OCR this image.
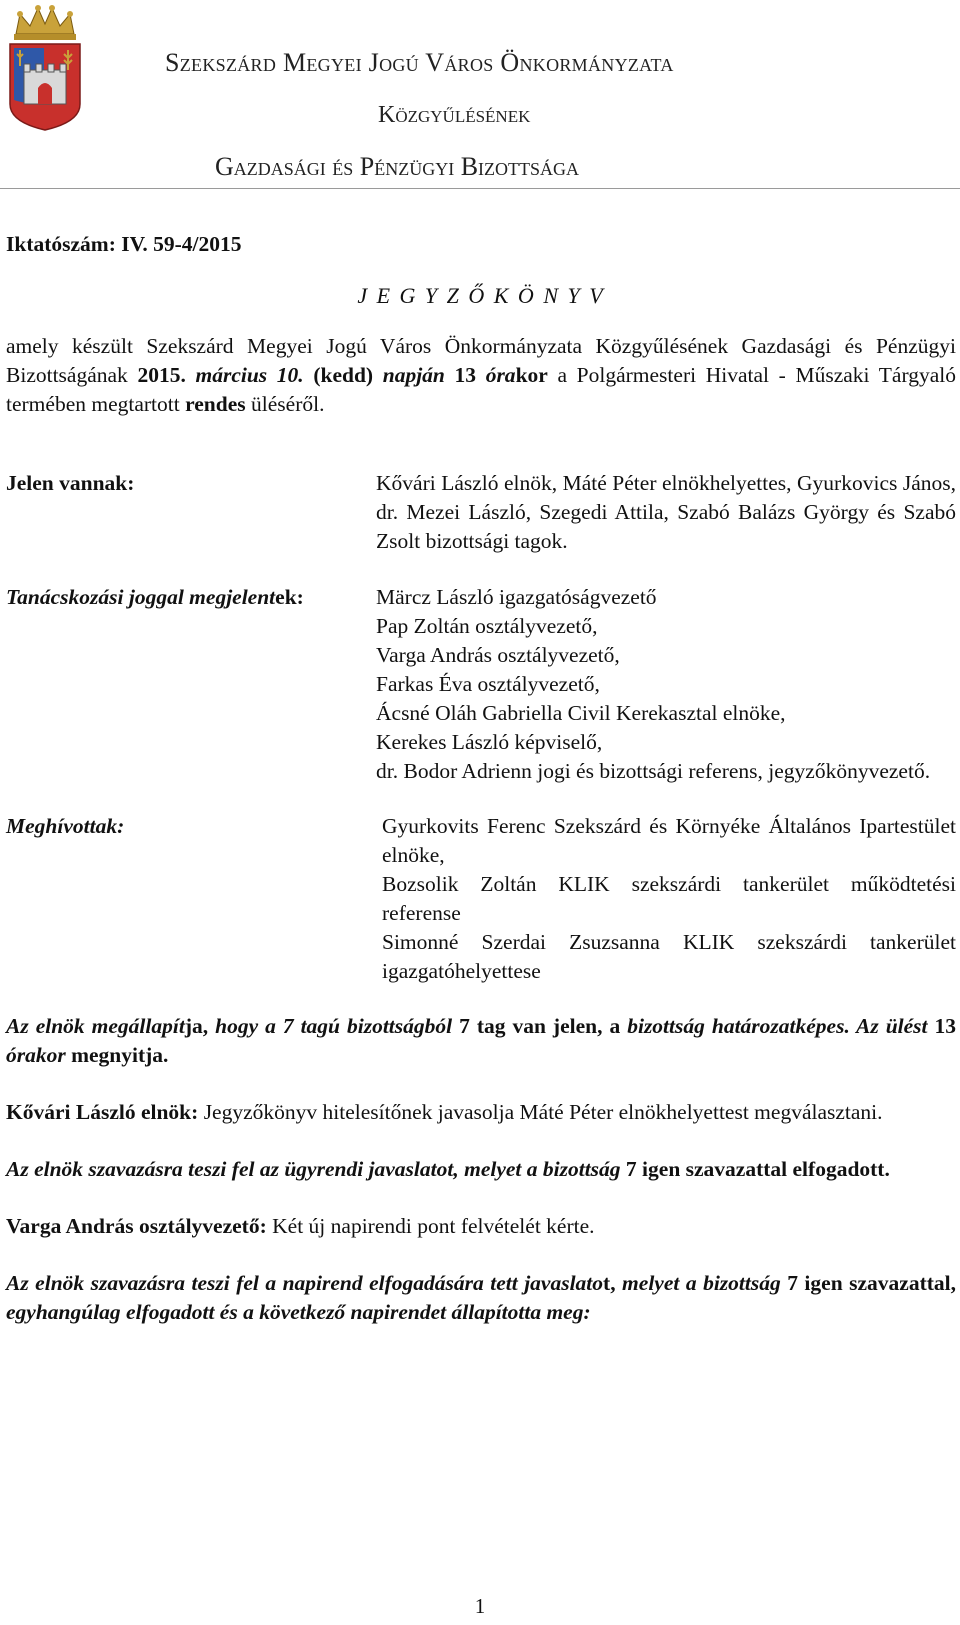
Szekszárd Megyei Jogú Város Önkormányzata
Közgyűlésének
Gazdasági és Pénzügyi Bizottsága

Iktatószám: IV. 59-4/2015

J E G Y Z Ő K Ö N Y V

amely készült Szekszárd Megyei Jogú Város Önkormányzata Közgyűlésének Gazdasági és Pénzügyi Bizottságának 2015. március 10. (kedd) napján 13 órakor a Polgármesteri Hivatal - Műszaki Tárgyaló termében megtartott rendes üléséről.

Jelen vannak:	Kővári László elnök, Máté Péter elnökhelyettes, Gyurkovics János, dr. Mezei László, Szegedi Attila, Szabó Balázs György és Szabó Zsolt bizottsági tagok.
Tanácskozási joggal megjelentek:	Märcz László igazgatóságvezető
Pap Zoltán osztályvezető,
Varga András osztályvezető,
Farkas Éva osztályvezető,
Ácsné Oláh Gabriella Civil Kerekasztal elnöke,
Kerekes László képviselő,
dr. Bodor Adrienn jogi és bizottsági referens, jegyzőkönyvezető.
Meghívottak:	Gyurkovits Ferenc Szekszárd és Környéke Általános Ipartestület elnöke,
Bozsolik Zoltán KLIK szekszárdi tankerület működtetési referense
Simonné Szerdai Zsuzsanna KLIK szekszárdi tankerület igazgatóhelyettese

Az elnök megállapítja, hogy a 7 tagú bizottságból 7 tag van jelen, a bizottság határozatképes. Az ülést 13 órakor megnyitja.

Kővári László elnök: Jegyzőkönyv hitelesítőnek javasolja Máté Péter elnökhelyettest megválasztani.

Az elnök szavazásra teszi fel az ügyrendi javaslatot, melyet a bizottság 7 igen szavazattal elfogadott.

Varga András osztályvezető: Két új napirendi pont felvételét kérte.

Az elnök szavazásra teszi fel a napirend elfogadására tett javaslatot, melyet a bizottság 7 igen szavazattal, egyhangúlag elfogadott és a következő napirendet állapította meg:

1
